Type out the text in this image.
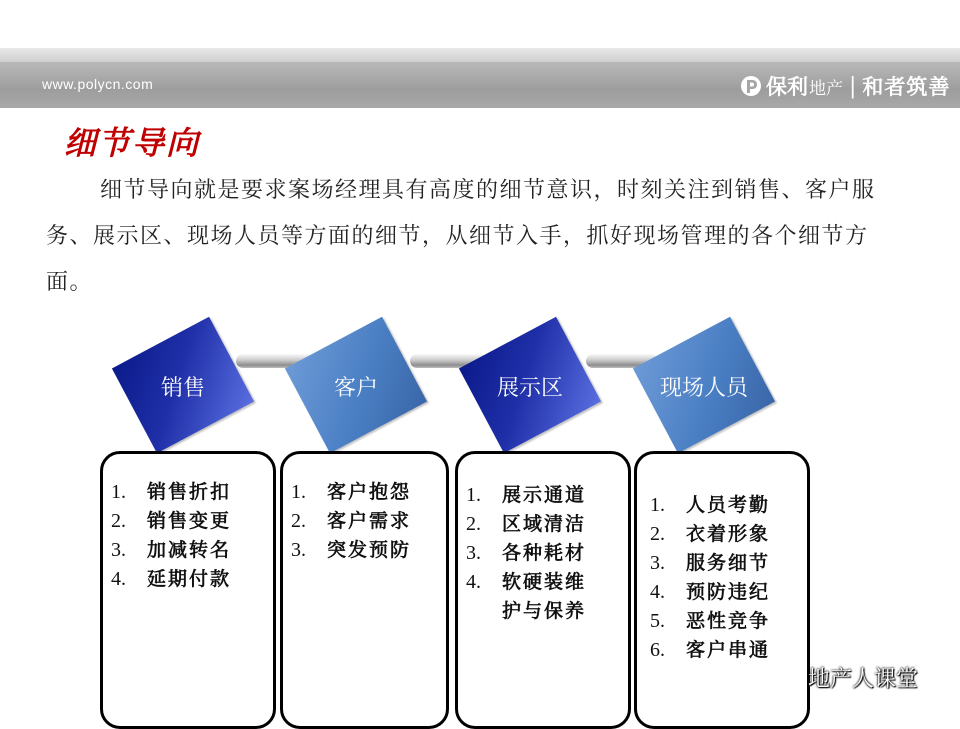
www.polycn.com	保利 地产 | 和者筑善
细节导向
细节导向就是要求案场经理具有高度的细节意识，时刻关注到销售、客户服务、展示区、现场人员等方面的细节，从细节入手，抓好现场管理的各个细节方面。
销售
1.	销售折扣
2.	销售变更
3.	加减转名
4.	延期付款
客户
1.	客户抱怨
2.	客户需求
3.	突发预防
展示区
1.	展示通道
2.	区域清洁
3.	各种耗材
4.	软硬装维
护与保养
现场人员
1.	人员考勤
2.	衣着形象
3.	服务细节
4.	预防违纪
5.	恶性竞争
6.	客户串通
地产人课堂
